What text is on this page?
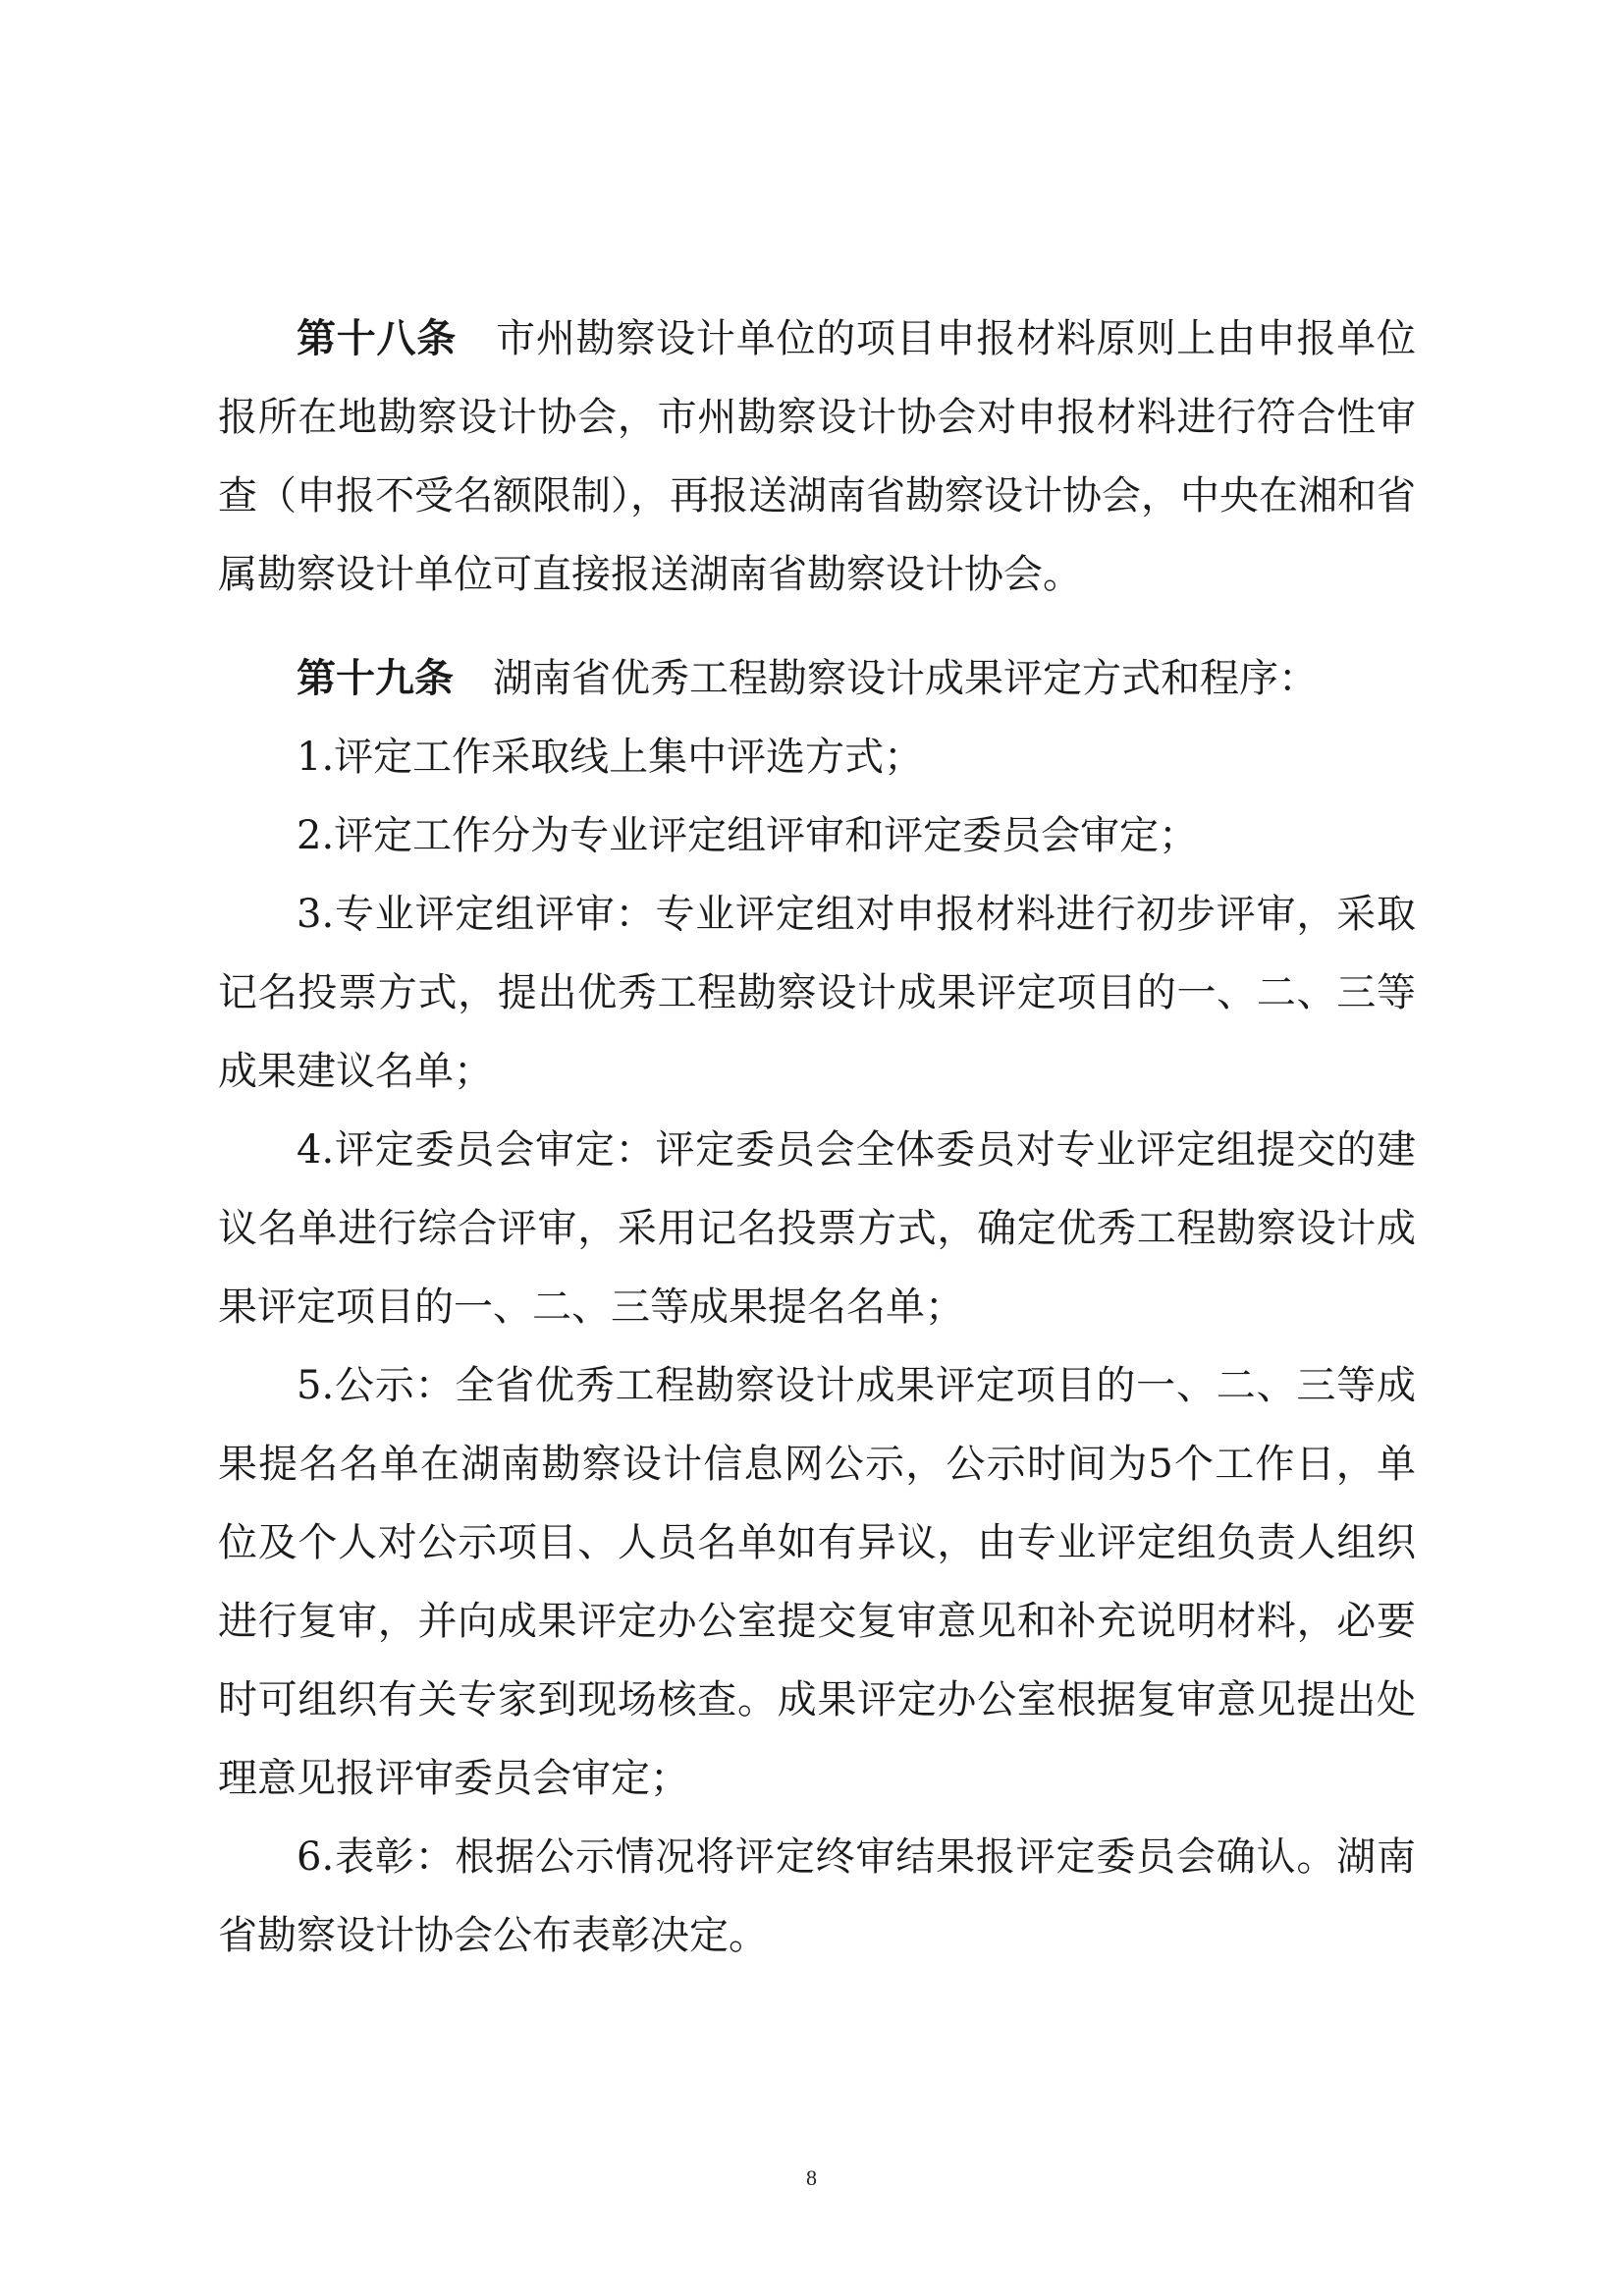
第十八条 市州勘察设计单位的项目申报材料原则上由申报单位报所在地勘察设计协会，市州勘察设计协会对申报材料进行符合性审查（申报不受名额限制），再报送湖南省勘察设计协会，中央在湘和省属勘察设计单位可直接报送湖南省勘察设计协会。

第十九条 湖南省优秀工程勘察设计成果评定方式和程序：

1.评定工作采取线上集中评选方式；

2.评定工作分为专业评定组评审和评定委员会审定；

3.专业评定组评审：专业评定组对申报材料进行初步评审，采取记名投票方式，提出优秀工程勘察设计成果评定项目的一、二、三等成果建议名单；

4.评定委员会审定：评定委员会全体委员对专业评定组提交的建议名单进行综合评审，采用记名投票方式，确定优秀工程勘察设计成果评定项目的一、二、三等成果提名名单；

5.公示：全省优秀工程勘察设计成果评定项目的一、二、三等成果提名名单在湖南勘察设计信息网公示，公示时间为5个工作日，单位及个人对公示项目、人员名单如有异议，由专业评定组负责人组织进行复审，并向成果评定办公室提交复审意见和补充说明材料，必要时可组织有关专家到现场核查。成果评定办公室根据复审意见提出处理意见报评审委员会审定；

6.表彰：根据公示情况将评定终审结果报评定委员会确认。湖南省勘察设计协会公布表彰决定。

8
